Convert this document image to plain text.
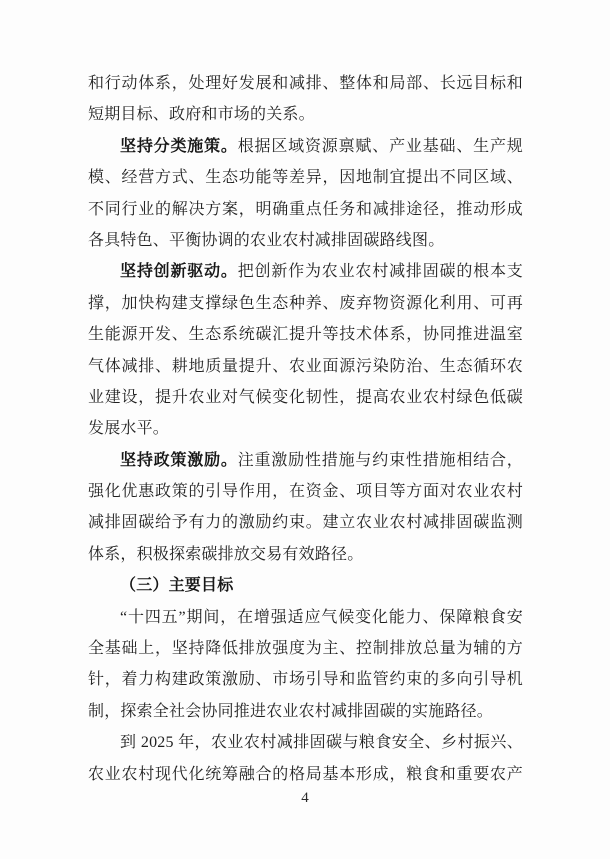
和行动体系，处理好发展和减排、整体和局部、长远目标和
短期目标、政府和市场的关系。
坚持分类施策。根据区域资源禀赋、产业基础、生产规
模、经营方式、生态功能等差异，因地制宜提出不同区域、
不同行业的解决方案，明确重点任务和减排途径，推动形成
各具特色、平衡协调的农业农村减排固碳路线图。
坚持创新驱动。把创新作为农业农村减排固碳的根本支
撑，加快构建支撑绿色生态种养、废弃物资源化利用、可再
生能源开发、生态系统碳汇提升等技术体系，协同推进温室
气体减排、耕地质量提升、农业面源污染防治、生态循环农
业建设，提升农业对气候变化韧性，提高农业农村绿色低碳
发展水平。
坚持政策激励。注重激励性措施与约束性措施相结合，
强化优惠政策的引导作用，在资金、项目等方面对农业农村
减排固碳给予有力的激励约束。建立农业农村减排固碳监测
体系，积极探索碳排放交易有效路径。
（三）主要目标
“十四五”期间，在增强适应气候变化能力、保障粮食安
全基础上，坚持降低排放强度为主、控制排放总量为辅的方
针，着力构建政策激励、市场引导和监管约束的多向引导机
制，探索全社会协同推进农业农村减排固碳的实施路径。
到 2025 年，农业农村减排固碳与粮食安全、乡村振兴、
农业农村现代化统筹融合的格局基本形成，粮食和重要农产
4
